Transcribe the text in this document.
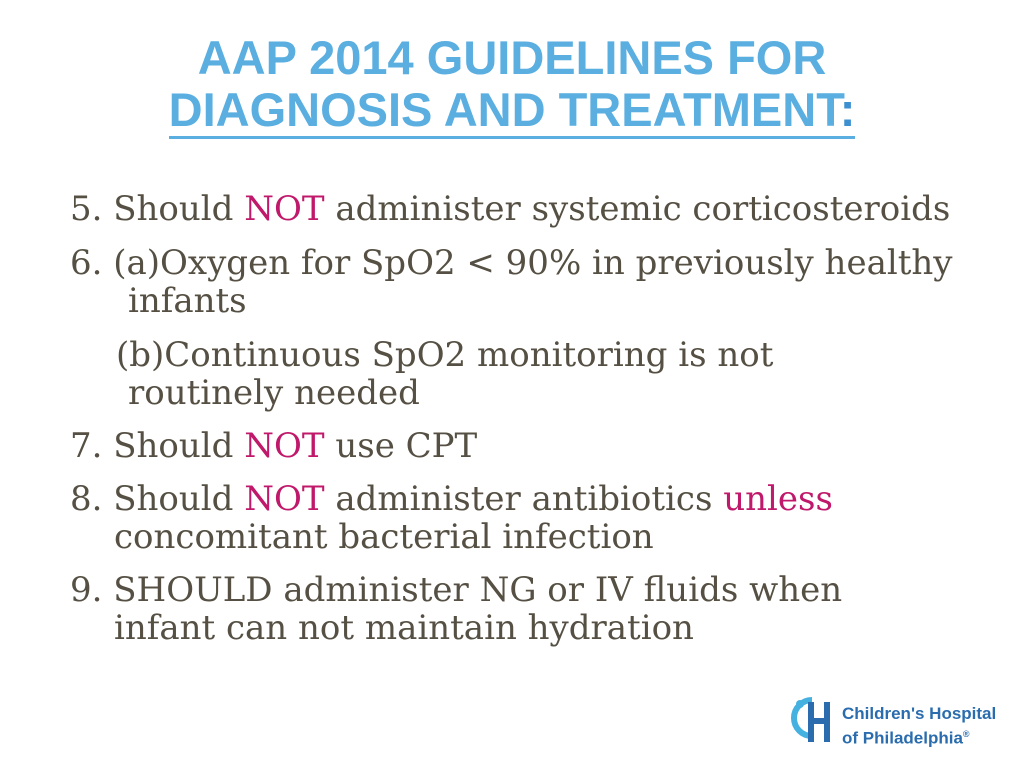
AAP 2014 GUIDELINES FOR
DIAGNOSIS AND TREATMENT:
5. Should NOT administer systemic corticosteroids
6. (a)Oxygen for SpO2 < 90% in previously healthy
infants
(b)Continuous SpO2 monitoring is not
routinely needed
7. Should NOT use CPT
8. Should NOT administer antibiotics unless
concomitant bacterial infection
9. SHOULD administer NG or IV fluids when
infant can not maintain hydration
Children's Hospital
of Philadelphia®
